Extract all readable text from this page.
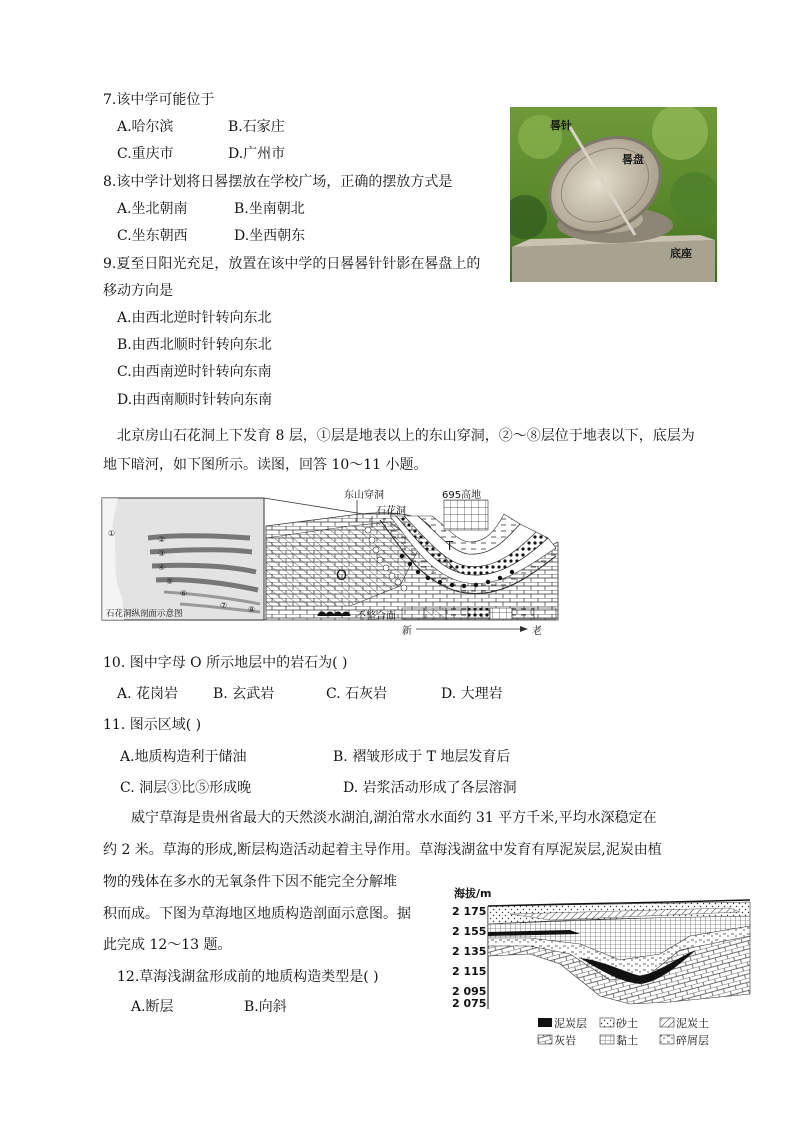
7.该中学可能位于
A.哈尔滨	B.石家庄
C.重庆市	D.广州市
8.该中学计划将日晷摆放在学校广场，正确的摆放方式是
A.坐北朝南	B.坐南朝北
C.坐东朝西	D.坐西朝东
9.夏至日阳光充足，放置在该中学的日晷晷针针影在晷盘上的
移动方向是
A.由西北逆时针转向东北
B.由西北顺时针转向东北
C.由西南逆时针转向东南
D.由西南顺时针转向东南
晷针
晷盘
底座
北京房山石花洞上下发育 8 层，①层是地表以上的东山穿洞，②～⑧层位于地表以下，底层为
地下暗河，如下图所示。读图，回答 10～11 小题。
①
②
③
④
⑤
⑥
⑦	⑧
石花洞纵剖面示意图
东山穿洞
石花洞
695高地
T
O
不整合面
新	老
10. 图中字母 O 所示地层中的岩石为( )
A. 花岗岩 B. 玄武岩	C. 石灰岩	D. 大理岩
11. 图示区域( )
A.地质构造利于储油	B. 褶皱形成于 T 地层发育后
C. 洞层③比⑤形成晚	D. 岩浆活动形成了各层溶洞
威宁草海是贵州省最大的天然淡水湖泊,湖泊常水水面约 31 平方千米,平均水深稳定在
约 2 米。草海的形成,断层构造活动起着主导作用。草海浅湖盆中发育有厚泥炭层,泥炭由植
物的残体在多水的无氧条件下因不能完全分解堆
积而成。下图为草海地区地质构造剖面示意图。据
此完成 12～13 题。
12.草海浅湖盆形成前的地质构造类型是( )
A.断层	B.向斜
海拔/m
2 175
2 155
2 135
2 115
2 095
2 075
泥炭层	砂土	泥炭土
灰岩	黏土	碎屑层
